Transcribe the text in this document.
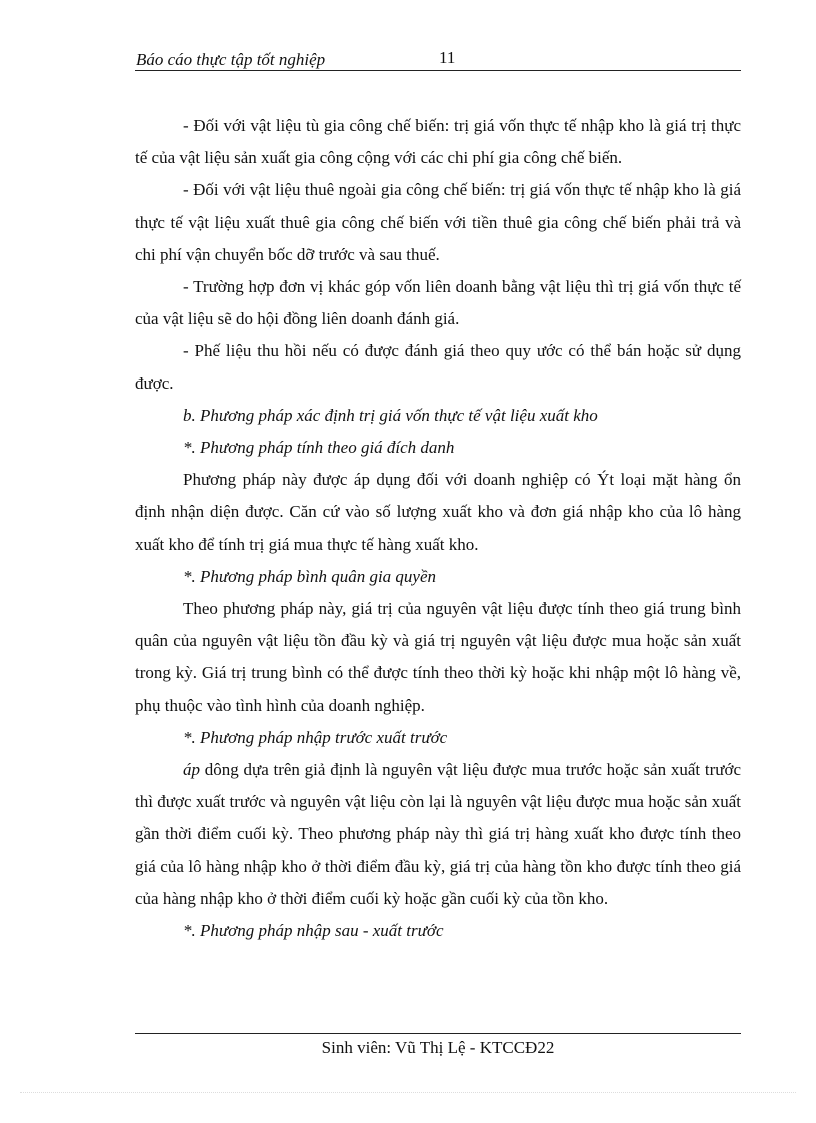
Báo cáo thực tập tốt nghiệp	11

- Đối với vật liệu tù gia công chế biến: trị giá vốn thực tế nhập kho là giá trị thực tế của vật liệu sản xuất gia công cộng với các chi phí gia công chế biến.

- Đối với vật liệu thuê ngoài gia công chế biến: trị giá vốn thực tế nhập kho là giá thực tế vật liệu xuất thuê gia công chế biến với tiền thuê gia công chế biến phải trả và chi phí vận chuyển bốc dỡ trước và sau thuế.

- Trường hợp đơn vị khác góp vốn liên doanh bằng vật liệu thì trị giá vốn thực tế của vật liệu sẽ do hội đồng liên doanh đánh giá.

- Phế liệu thu hồi nếu có được đánh giá theo quy ước có thể bán hoặc sử dụng được.

b. Phương pháp xác định trị giá vốn thực tế vật liệu xuất kho

*. Phương pháp tính theo giá đích danh

Phương pháp này được áp dụng đối với doanh nghiệp có Ýt loại mặt hàng ổn định nhận diện được. Căn cứ vào số lượng xuất kho và đơn giá nhập kho của lô hàng xuất kho để tính trị giá mua thực tế hàng xuất kho.

*. Phương pháp bình quân gia quyền

Theo phương pháp này, giá trị của nguyên vật liệu được tính theo giá trung bình quân của nguyên vật liệu tồn đầu kỳ và giá trị nguyên vật liệu được mua hoặc sản xuất trong kỳ. Giá trị trung bình có thể được tính theo thời kỳ hoặc khi nhập một lô hàng về, phụ thuộc vào tình hình của doanh nghiệp.

*. Phương pháp nhập trước xuất trước

áp dông dựa trên giả định là nguyên vật liệu được mua trước hoặc sản xuất trước thì được xuất trước và nguyên vật liệu còn lại là nguyên vật liệu được mua hoặc sản xuất gần thời điểm cuối kỳ. Theo phương pháp này thì giá trị hàng xuất kho được tính theo giá của lô hàng nhập kho ở thời điểm đầu kỳ, giá trị của hàng tồn kho được tính theo giá của hàng nhập kho ở thời điểm cuối kỳ hoặc gần cuối kỳ của tồn kho.

*. Phương pháp nhập sau - xuất trước

Sinh viên: Vũ Thị Lệ - KTCCĐ22
